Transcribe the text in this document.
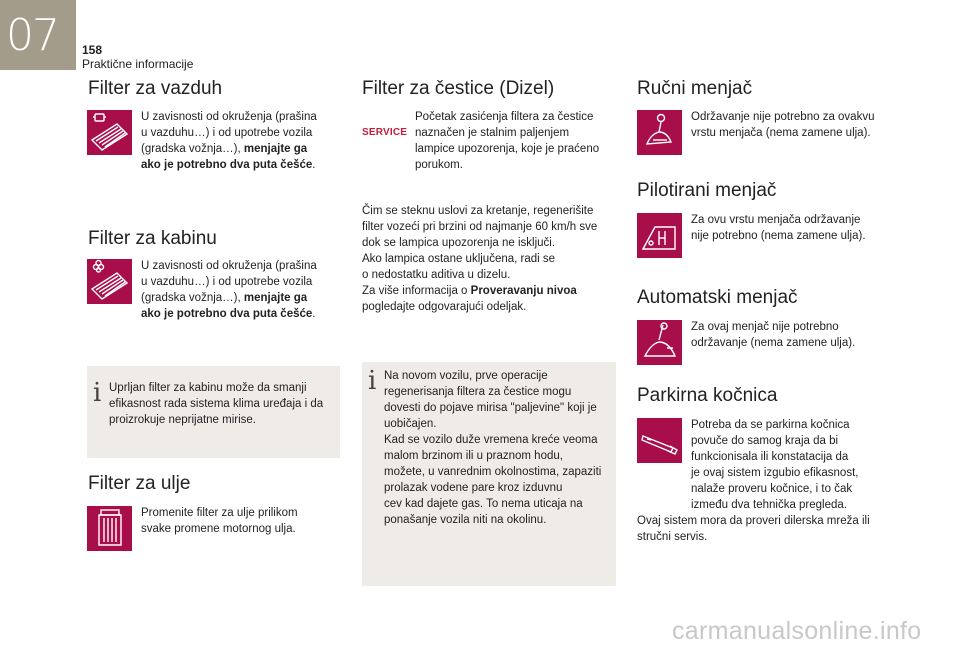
07 158
Praktične informacije
Filter za vazduh
U zavisnosti od okruženja (prašina
u vazduhu…) i od upotrebe vozila
(gradska vožnja…), menjajte ga
ako je potrebno dva puta češće.
Filter za kabinu
U zavisnosti od okruženja (prašina
u vazduhu…) i od upotrebe vozila
(gradska vožnja…), menjajte ga
ako je potrebno dva puta češće.
i Uprljan filter za kabinu može da smanji
efikasnost rada sistema klima uređaja i da
proizrokuje neprijatne mirise.
Filter za ulje
Promenite filter za ulje prilikom
svake promene motornog ulja.
Filter za čestice (Dizel)
SERVICE
Početak zasićenja filtera za čestice
naznačen je stalnim paljenjem
lampice upozorenja, koje je praćeno
porukom.
Čim se steknu uslovi za kretanje, regenerišite
filter vozeći pri brzini od najmanje 60 km/h sve
dok se lampica upozorenja ne isključi.
Ako lampica ostane uključena, radi se
o nedostatku aditiva u dizelu.
Za više informacija o Proveravanju nivoa
pogledajte odgovarajući odeljak.
i Na novom vozilu, prve operacije
regenerisanja filtera za čestice mogu
dovesti do pojave mirisa "paljevine" koji je
uobičajen.
Kad se vozilo duže vremena kreće veoma
malom brzinom ili u praznom hodu,
možete, u vanrednim okolnostima, zapaziti
prolazak vodene pare kroz izduvnu
cev kad dajete gas. To nema uticaja na
ponašanje vozila niti na okolinu.
Ručni menjač
Održavanje nije potrebno za ovakvu
vrstu menjača (nema zamene ulja).
Pilotirani menjač
Za ovu vrstu menjača održavanje
nije potrebno (nema zamene ulja).
Automatski menjač
Za ovaj menjač nije potrebno
održavanje (nema zamene ulja).
Parkirna kočnica
Potreba da se parkirna kočnica
povuče do samog kraja da bi
funkcionisala ili konstatacija da
je ovaj sistem izgubio efikasnost,
nalaže proveru kočnice, i to čak
između dva tehnička pregleda.
Ovaj sistem mora da proveri dilerska mreža ili
stručni servis.
carmanualsonline.info
